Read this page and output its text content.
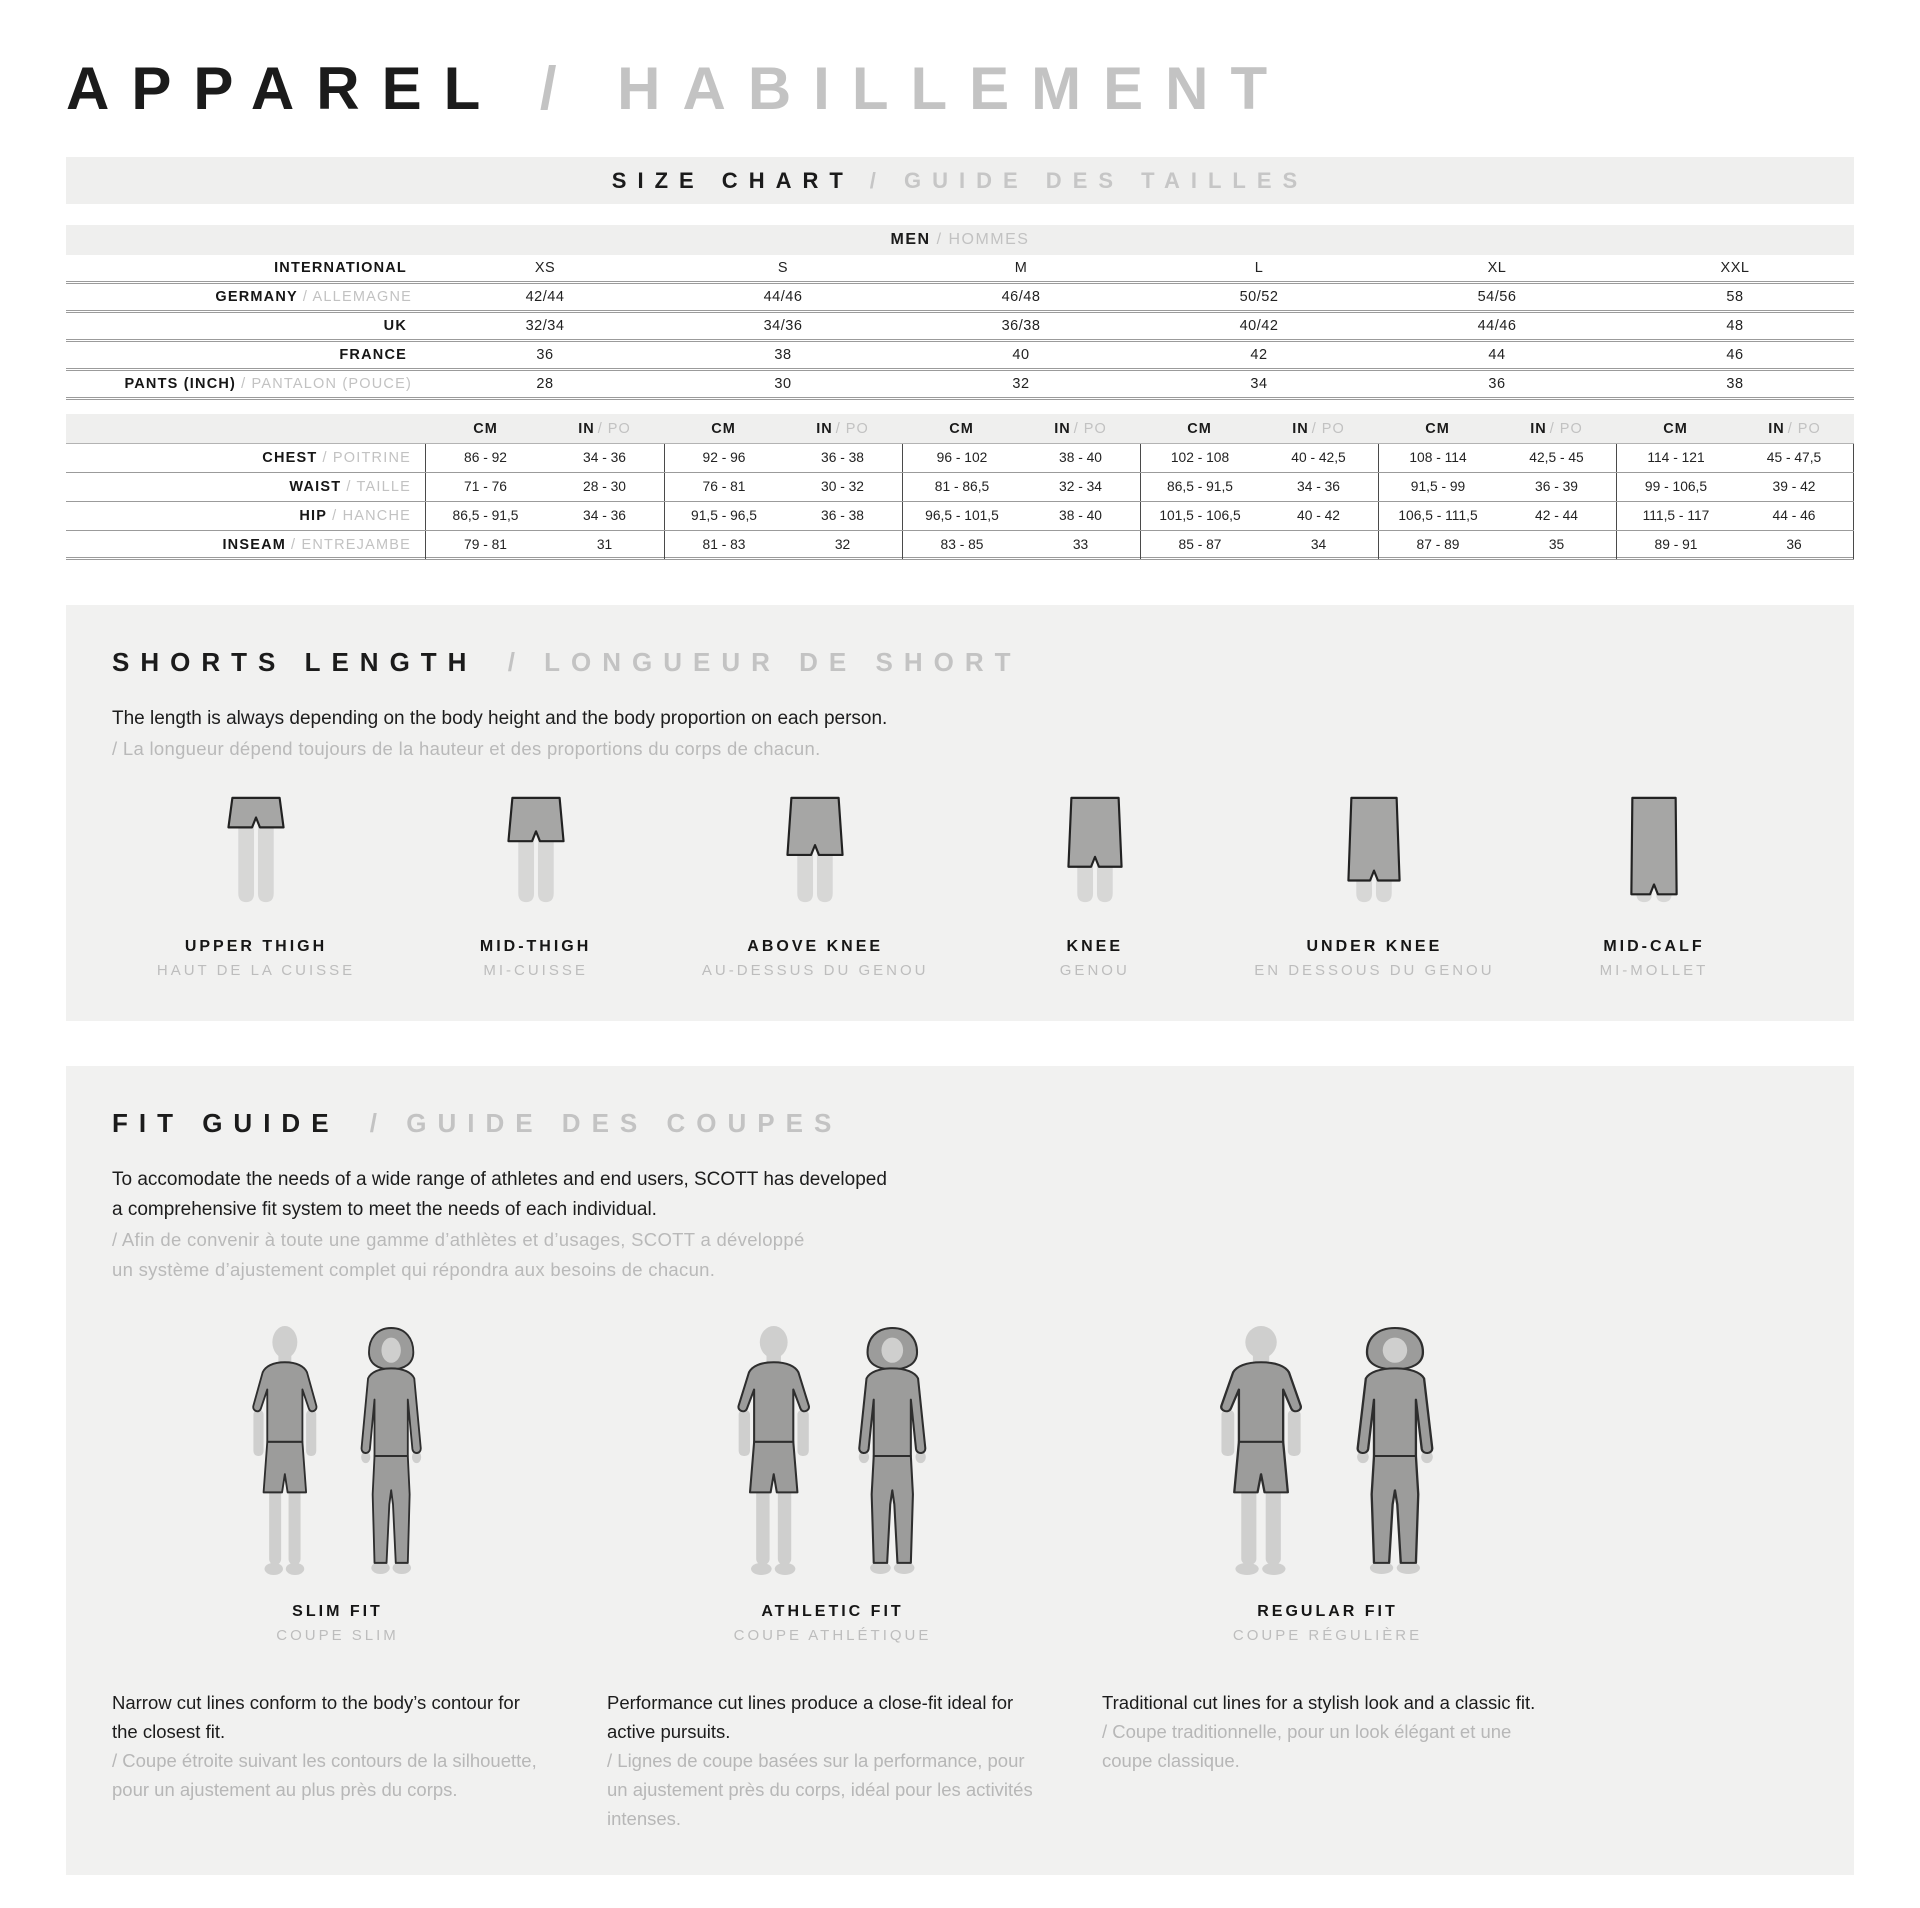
APPAREL / HABILLEMENT
SIZE CHART / GUIDE DES TAILLES
MEN / HOMMES
INTERNATIONAL	XS	S	M	L	XL	XXL
GERMANY / ALLEMAGNE	42/44	44/46	46/48	50/52	54/56	58
UK	32/34	34/36	36/38	40/42	44/46	48
FRANCE	36	38	40	42	44	46
PANTS (INCH) / PANTALON (POUCE)	28	30	32	34	36	38
CM	IN / PO	CM	IN / PO	CM	IN / PO	CM	IN / PO	CM	IN / PO	CM	IN / PO
CHEST / POITRINE	86 - 92	34 - 36	92 - 96	36 - 38	96 - 102	38 - 40	102 - 108	40 - 42,5	108 - 114	42,5 - 45	114 - 121	45 - 47,5
WAIST / TAILLE	71 - 76	28 - 30	76 - 81	30 - 32	81 - 86,5	32 - 34	86,5 - 91,5	34 - 36	91,5 - 99	36 - 39	99 - 106,5	39 - 42
HIP / HANCHE	86,5 - 91,5	34 - 36	91,5 - 96,5	36 - 38	96,5 - 101,5	38 - 40	101,5 - 106,5	40 - 42	106,5 - 111,5	42 - 44	111,5 - 117	44 - 46
INSEAM / ENTREJAMBE	79 - 81	31	81 - 83	32	83 - 85	33	85 - 87	34	87 - 89	35	89 - 91	36
SHORTS LENGTH / LONGUEUR DE SHORT
The length is always depending on the body height and the body proportion on each person.
/ La longueur dépend toujours de la hauteur et des proportions du corps de chacun.
UPPER THIGH
HAUT DE LA CUISSE
MID-THIGH
MI-CUISSE
ABOVE KNEE
AU-DESSUS DU GENOU
KNEE
GENOU
UNDER KNEE
EN DESSOUS DU GENOU
MID-CALF
MI-MOLLET
FIT GUIDE / GUIDE DES COUPES
To accomodate the needs of a wide range of athletes and end users, SCOTT has developed
a comprehensive fit system to meet the needs of each individual.
/ Afin de convenir à toute une gamme d’athlètes et d’usages, SCOTT a développé
un système d’ajustement complet qui répondra aux besoins de chacun.
SLIM FIT
COUPE SLIM
Narrow cut lines conform to the body’s contour for the closest fit.
/ Coupe étroite suivant les contours de la silhouette, pour un ajustement au plus près du corps.
ATHLETIC FIT
COUPE ATHLÉTIQUE
Performance cut lines produce a close-fit ideal for active pursuits.
/ Lignes de coupe basées sur la performance, pour un ajustement près du corps, idéal pour les activités intenses.
REGULAR FIT
COUPE RÉGULIÈRE
Traditional cut lines for a stylish look and a classic fit.
/ Coupe traditionnelle, pour un look élégant et une coupe classique.
